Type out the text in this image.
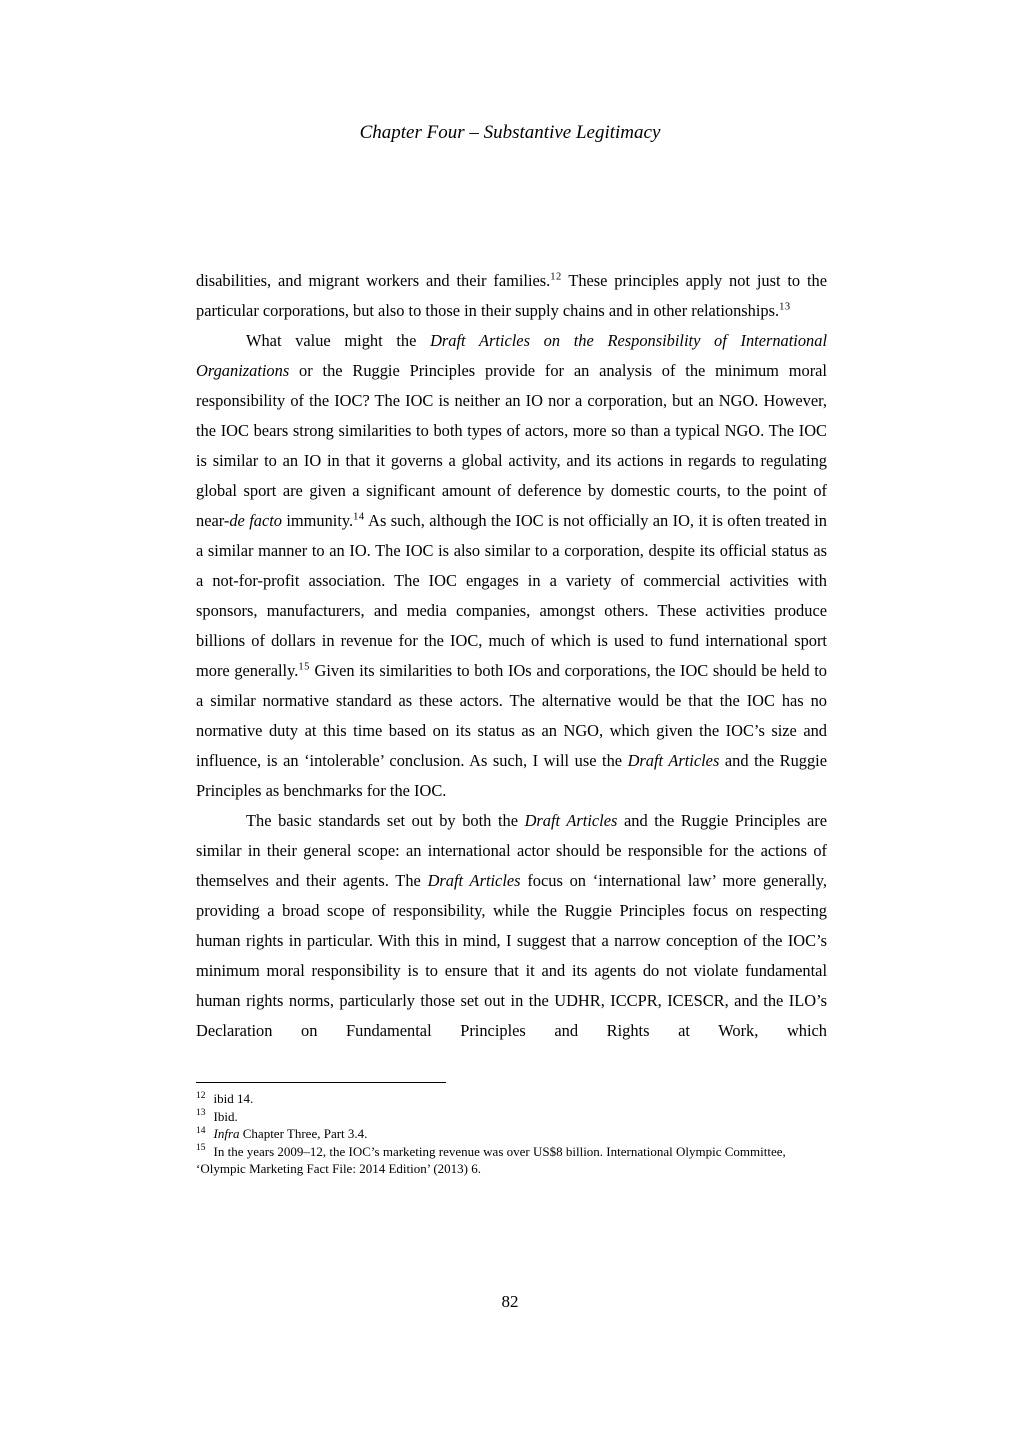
Chapter Four – Substantive Legitimacy

disabilities, and migrant workers and their families.$^{12}$ These principles apply not just to the particular corporations, but also to those in their supply chains and in other relationships.$^{13}$

What value might the Draft Articles on the Responsibility of International Organizations or the Ruggie Principles provide for an analysis of the minimum moral responsibility of the IOC? The IOC is neither an IO nor a corporation, but an NGO. However, the IOC bears strong similarities to both types of actors, more so than a typical NGO. The IOC is similar to an IO in that it governs a global activity, and its actions in regards to regulating global sport are given a significant amount of deference by domestic courts, to the point of near-de facto immunity.$^{14}$ As such, although the IOC is not officially an IO, it is often treated in a similar manner to an IO. The IOC is also similar to a corporation, despite its official status as a not-for-profit association. The IOC engages in a variety of commercial activities with sponsors, manufacturers, and media companies, amongst others. These activities produce billions of dollars in revenue for the IOC, much of which is used to fund international sport more generally.$^{15}$ Given its similarities to both IOs and corporations, the IOC should be held to a similar normative standard as these actors. The alternative would be that the IOC has no normative duty at this time based on its status as an NGO, which given the IOC’s size and influence, is an ‘intolerable’ conclusion. As such, I will use the Draft Articles and the Ruggie Principles as benchmarks for the IOC.

The basic standards set out by both the Draft Articles and the Ruggie Principles are similar in their general scope: an international actor should be responsible for the actions of themselves and their agents. The Draft Articles focus on ‘international law’ more generally, providing a broad scope of responsibility, while the Ruggie Principles focus on respecting human rights in particular. With this in mind, I suggest that a narrow conception of the IOC’s minimum moral responsibility is to ensure that it and its agents do not violate fundamental human rights norms, particularly those set out in the UDHR, ICCPR, ICESCR, and the ILO’s Declaration on Fundamental Principles and Rights at Work, which

$^{12}$ ibid 14.

$^{13}$ Ibid.

$^{14}$ Infra Chapter Three, Part 3.4.

$^{15}$ In the years 2009–12, the IOC’s marketing revenue was over US$8 billion. International Olympic Committee, ‘Olympic Marketing Fact File: 2014 Edition’ (2013) 6.

82
